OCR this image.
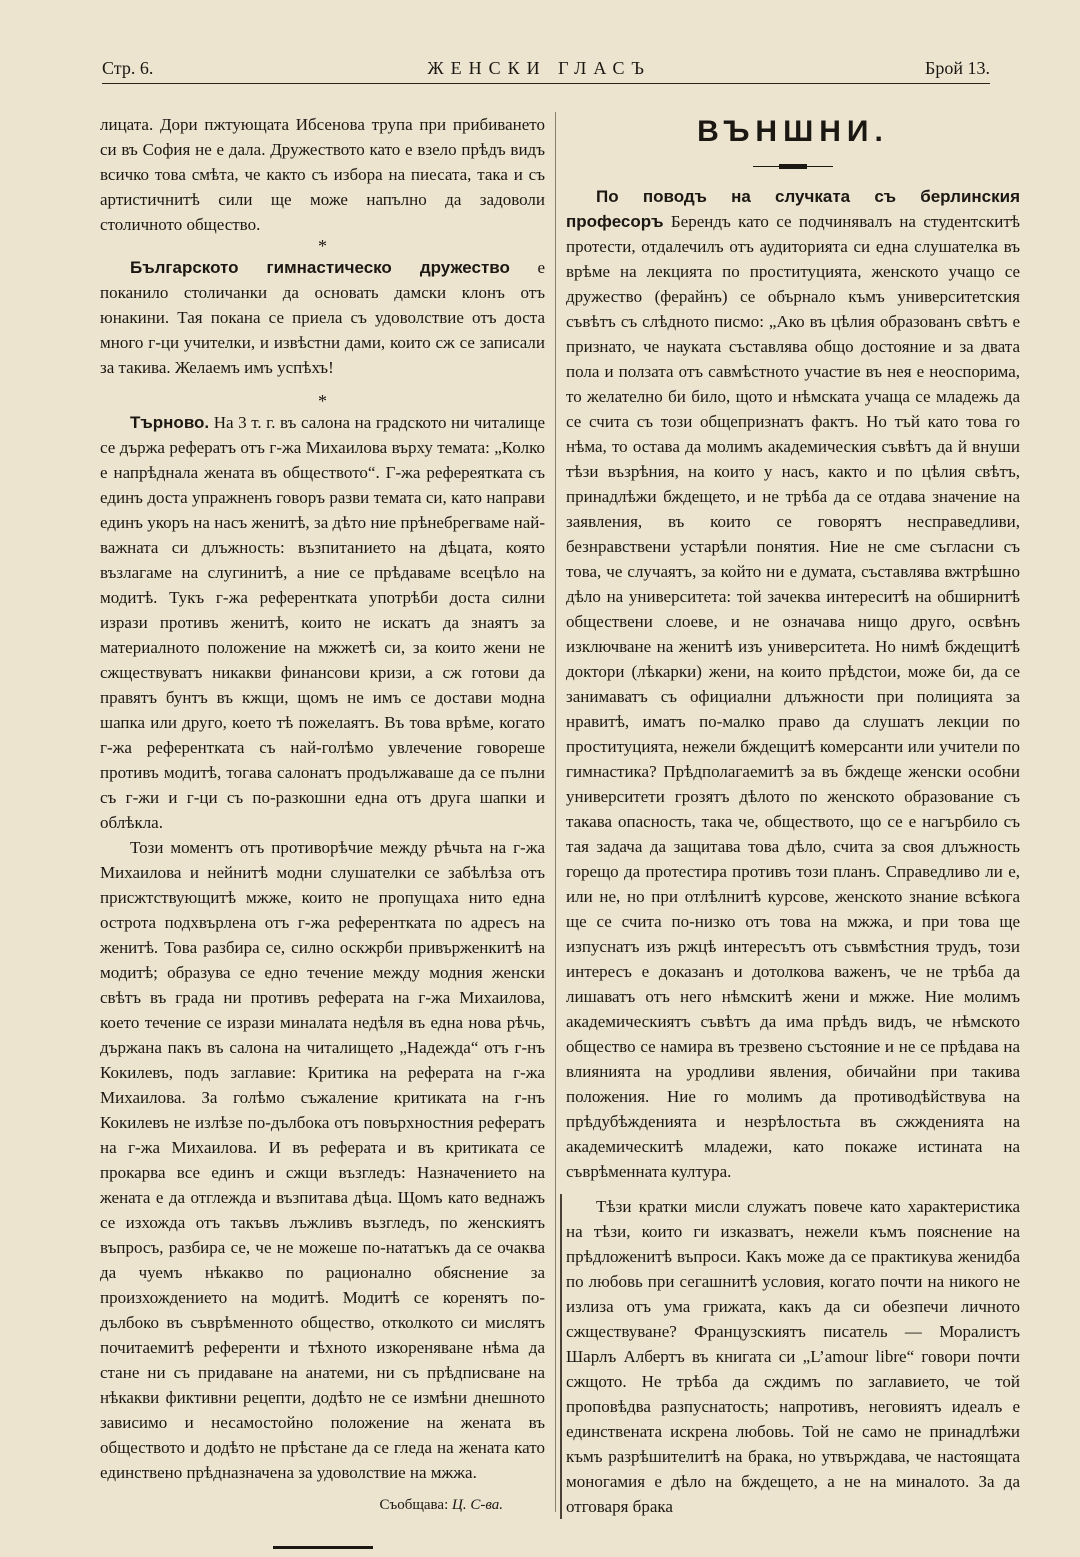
Стр. 6.	ЖЕНСКИ ГЛАСЪ	Брой 13.

лицата. Дори пжтующата Ибсенова трупа при прибиването си въ София не е дала. Дружеството като е взело прѣдъ видъ всичко това смѣта, че както съ избора на пиесата, така и съ артистичнитѣ сили ще може напълно да задоволи столичното общество.

*

Българското гимнастическо дружество е поканило столичанки да основать дамски клонъ отъ юнакини. Тая покана се приела съ удоволствие отъ доста много г-ци учителки, и извѣстни дами, които сж се записали за такива. Желаемъ имъ успѣхъ!

*

Търново. На 3 т. г. въ салона на градското ни читалище се държа рефератъ отъ г-жа Михаилова върху темата: „Колко е напрѣднала жената въ обществото“. Г-жа рефереятката съ единъ доста упражненъ говоръ разви темата си, като направи единъ укоръ на насъ женитѣ, за дѣто ние прѣнебрегваме най-важната си длъжность: възпитанието на дѣцата, която възлагаме на слугинитѣ, а ние се прѣдаваме всецѣло на модитѣ. Тукъ г-жа референтката употрѣби доста силни изрази противъ женитѣ, които не искатъ да знаятъ за материалното положение на мжжетѣ си, за които жени не сжществуватъ никакви финансови кризи, а сж готови да правятъ бунтъ въ кжщи, щомъ не имъ се достави модна шапка или друго, което тѣ пожелаятъ. Въ това врѣме, когато г-жа референтката съ най-голѣмо увлечение говореше противъ модитѣ, тогава салонатъ продължаваше да се пълни съ г-жи и г-ци съ по-разкошни една отъ друга шапки и облѣкла.

Този моментъ отъ противорѣчие между рѣчьта на г-жа Михаилова и нейнитѣ модни слушателки се забѣлѣза отъ присжтствующитѣ мжже, които не пропущаха нито една острота подхвърлена отъ г-жа референтката по адресъ на женитѣ. Това разбира се, силно оскжрби привърженкитѣ на модитѣ; образува се едно течение между модния женски свѣтъ въ града ни противъ реферата на г-жа Михаилова, което течение се изрази миналата недѣля въ една нова рѣчь, държана пакъ въ салона на читалището „Надежда“ отъ г-нъ Кокилевъ, подъ заглавие: Критика на реферата на г-жа Михаилова. За голѣмо съжаление критиката на г-нъ Кокилевъ не излѣзе по-дълбока отъ повърхностния рефератъ на г-жа Михаилова. И въ реферата и въ критиката се прокарва все единъ и сжщи възгледъ: Назначението на жената е да отглежда и възпитава дѣца. Щомъ като веднажъ се изхожда отъ такъвъ лъжливъ възгледъ, по женскиятъ въпросъ, разбира се, че не можеше по-нататъкъ да се очаква да чуемъ нѣкакво по рационално обяснение за произхождението на модитѣ. Модитѣ се коренятъ по-дълбоко въ съврѣменното общество, отколкото си мислятъ почитаемитѣ референти и тѣхното изкореняване нѣма да стане ни съ придаване на анатеми, ни съ прѣдписване на нѣкакви фиктивни рецепти, додѣто не се измѣни днешното зависимо и несамостойно положение на жената въ обществото и додѣто не прѣстане да се гледа на жената като единствено прѣдназначена за удоволствие на мжжа.

Съобщава: Ц. С-ва.
ВЪНШНИ.

По поводъ на случката съ берлинския професоръ Берендъ като се подчинявалъ на студентскитѣ протести, отдалечилъ отъ аудиторията си една слушателка въ врѣме на лекцията по проституцията, женското учащо се дружество (ферайнъ) се обърнало къмъ университетския съвѣтъ съ слѣдното писмо: „Ако въ цѣлия образованъ свѣтъ е признато, че науката съставлява общо достояние и за двата пола и ползата отъ савмѣстното участие въ нея е неоспорима, то желателно би било, щото и нѣмската учаща се младежь да се счита съ този общепризнатъ фактъ. Но тъй като това го нѣма, то остава да молимъ академическия съвѣтъ да й внуши тѣзи възрѣния, на които у насъ, както и по цѣлия свѣтъ, принадлѣжи бждещето, и не трѣба да се отдава значение на заявления, въ които се говорятъ несправедливи, безнравствени устарѣли понятия. Ние не сме съгласни съ това, че случаятъ, за който ни е думата, съставлява вжтрѣшно дѣло на университета: той зачеква интереситѣ на обширнитѣ обществени слоеве, и не означава нищо друго, освѣнъ изключване на женитѣ изъ университета. Но нимѣ бждещитѣ доктори (лѣкарки) жени, на които прѣдстои, може би, да се занимаватъ съ официални длъжности при полицията за нравитѣ, иматъ по-малко право да слушатъ лекции по проституцията, нежели бждещитѣ комерсанти или учители по гимнастика? Прѣдполагаемитѣ за въ бждеще женски особни университети грозятъ дѣлото по женското образование съ такава опасность, така че, обществото, що се е нагърбило съ тая задача да защитава това дѣло, счита за своя длъжность горещо да протестира противъ този планъ. Справедливо ли е, или не, но при отлѣлнитѣ курсове, женското знание всѣкога ще се счита по-низко отъ това на мжжа, и при това ще изпуснатъ изъ ржцѣ интересътъ отъ съвмѣстния трудъ, този интересъ е доказанъ и дотолкова важенъ, че не трѣба да лишаватъ отъ него нѣмскитѣ жени и мжже. Ние молимъ академическиятъ съвѣтъ да има прѣдъ видъ, че нѣмското общество се намира въ трезвено състояние и не се прѣдава на влиянията на уродливи явления, обичайни при такива положения. Ние го молимъ да противодѣйствува на прѣдубѣжденията и незрѣлостьта въ сжжденията на академическитѣ младежи, като покаже истината на съврѣменната култура.

Тѣзи кратки мисли служатъ повече като характеристика на тѣзи, които ги изказватъ, нежели къмъ пояснение на прѣдложенитѣ въпроси. Какъ може да се практикува женидба по любовь при сегашнитѣ условия, когато почти на никого не излиза отъ ума грижата, какъ да си обезпечи личното сжществуване? Французскиятъ писатель — Моралистъ Шарлъ Албертъ въ книгата си „L’amour libre“ говори почти сжщото. Не трѣба да сждимъ по заглавието, че той проповѣдва разпуснатость; напротивъ, неговиятъ идеалъ е единствената искрена любовь. Той не само не принадлѣжи къмъ разрѣшителитѣ на брака, но утвърждава, че настоящата моногамия е дѣло на бждещето, а не на миналото. За да отговаря брака
